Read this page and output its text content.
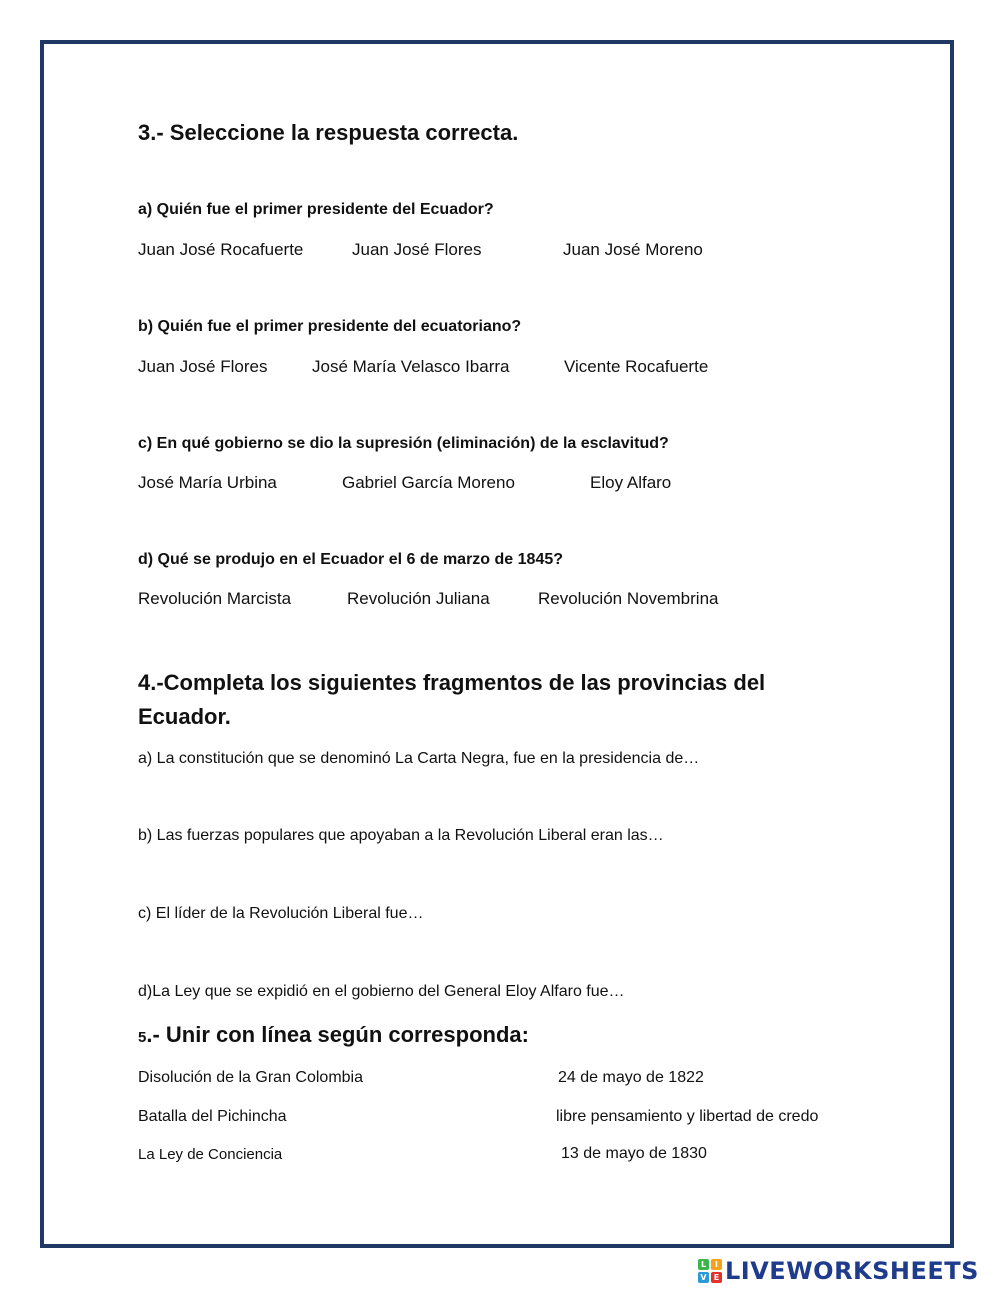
3.- Seleccione la respuesta correcta.
a) Quién fue el primer presidente del Ecuador?
Juan José Rocafuerte	Juan José Flores	Juan José Moreno
b) Quién fue el primer presidente del ecuatoriano?
Juan José Flores	José María Velasco Ibarra	Vicente Rocafuerte
c) En qué gobierno se dio la supresión (eliminación) de la esclavitud?
José María Urbina	Gabriel García Moreno	Eloy Alfaro
d) Qué se produjo en el Ecuador el 6 de marzo de 1845?
Revolución Marcista	Revolución Juliana	Revolución Novembrina
4.-Completa los siguientes fragmentos de las provincias del
Ecuador.
a) La constitución que se denominó La Carta Negra, fue en la presidencia de…
b) Las fuerzas populares que apoyaban a la Revolución Liberal eran las…
c) El líder de la Revolución Liberal fue…
d)La Ley que se expidió en el gobierno del General Eloy Alfaro fue…
5.- Unir con línea según corresponda:
Disolución de la Gran Colombia	24 de mayo de 1822
Batalla del Pichincha	libre pensamiento y libertad de credo
La Ley de Conciencia	13 de mayo de 1830
L	I
V E LIVEWORKSHEETS
